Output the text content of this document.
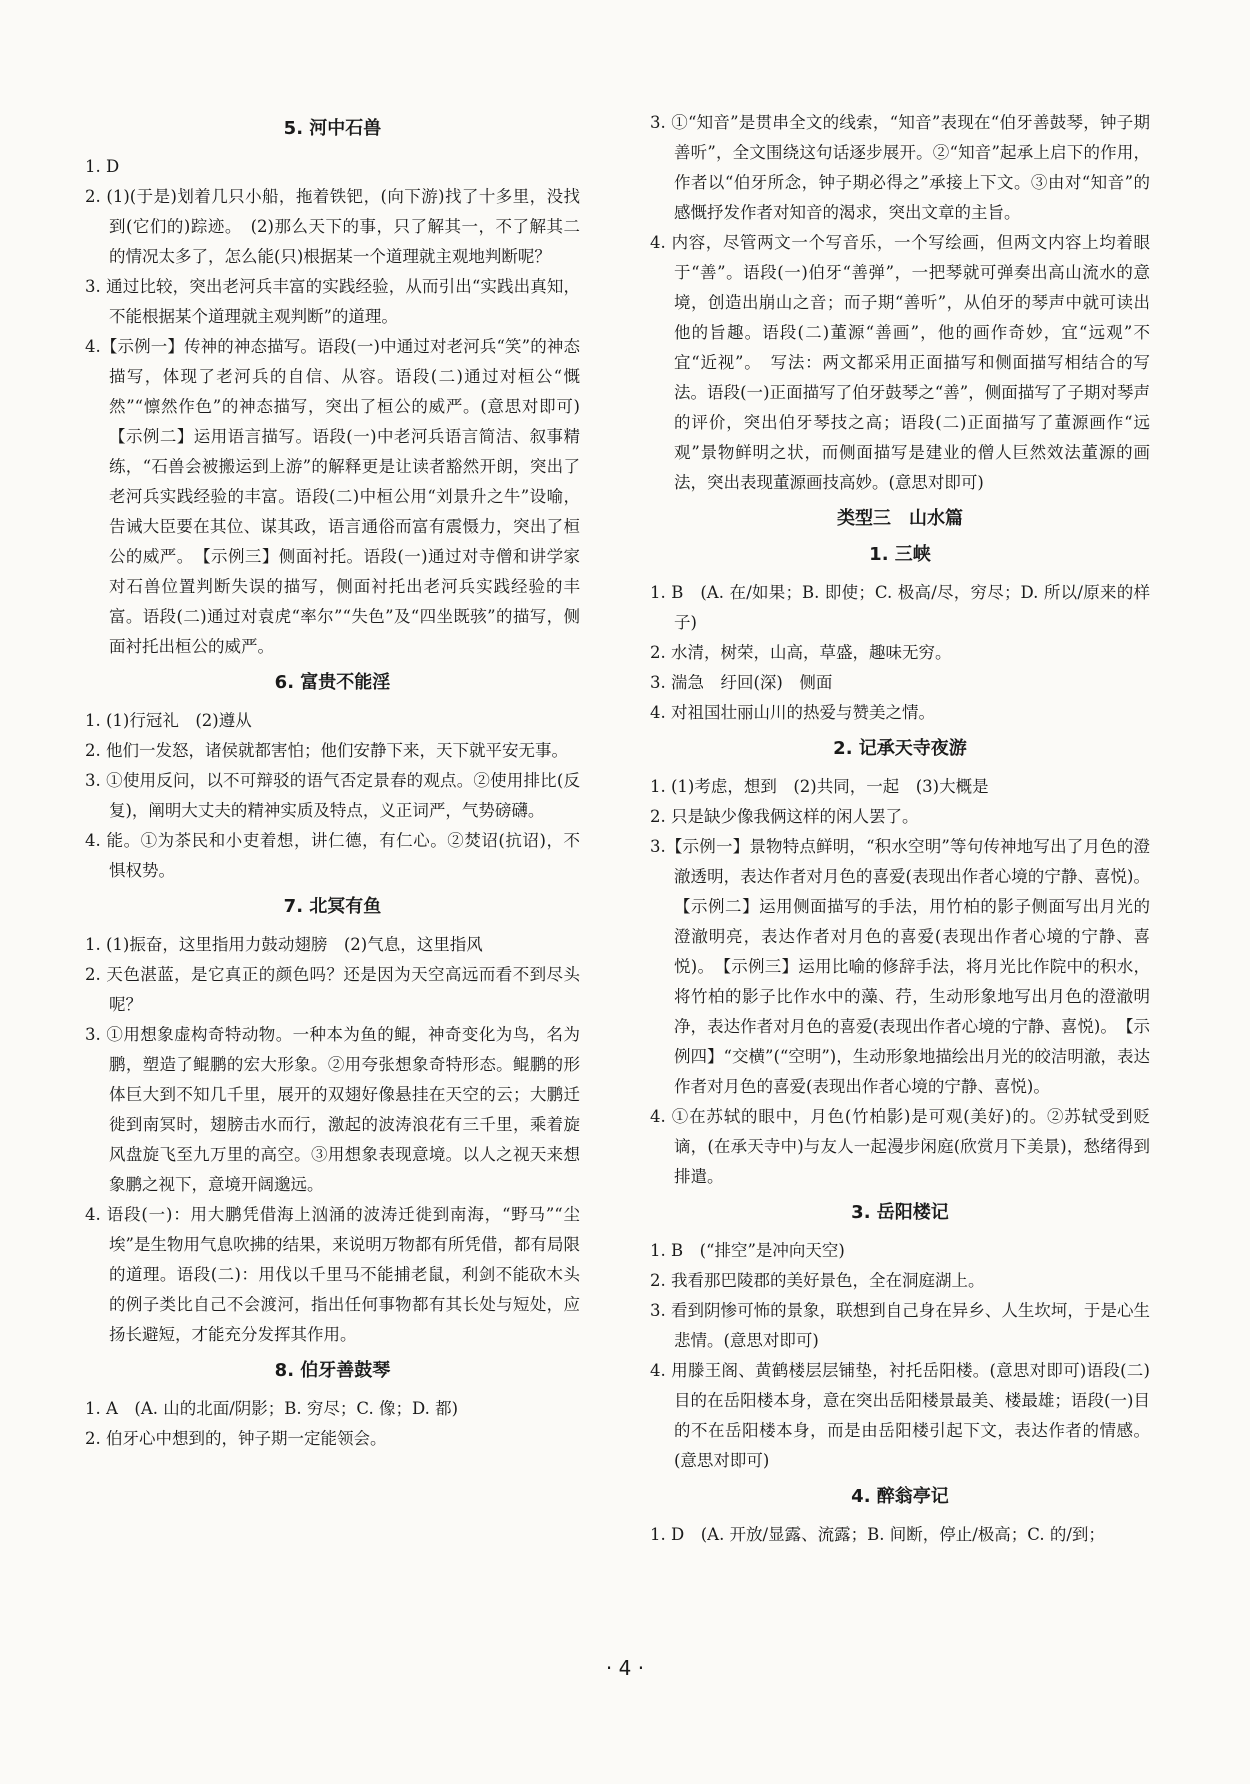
5. 河中石兽
1. D
2. (1)(于是)划着几只小船，拖着铁钯，(向下游)找了十多里，没找到(它们的)踪迹。　(2)那么天下的事，只了解其一，不了解其二的情况太多了，怎么能(只)根据某一个道理就主观地判断呢？
3. 通过比较，突出老河兵丰富的实践经验，从而引出“实践出真知，不能根据某个道理就主观判断”的道理。
4.【示例一】传神的神态描写。语段(一)中通过对老河兵“笑”的神态描写，体现了老河兵的自信、从容。语段(二)通过对桓公“慨然”“懔然作色”的神态描写，突出了桓公的威严。(意思对即可)　【示例二】运用语言描写。语段(一)中老河兵语言简洁、叙事精练，“石兽会被搬运到上游”的解释更是让读者豁然开朗，突出了老河兵实践经验的丰富。语段(二)中桓公用“刘景升之牛”设喻，告诫大臣要在其位、谋其政，语言通俗而富有震慑力，突出了桓公的威严。　【示例三】侧面衬托。语段(一)通过对寺僧和讲学家对石兽位置判断失误的描写，侧面衬托出老河兵实践经验的丰富。语段(二)通过对袁虎“率尔”“失色”及“四坐既骇”的描写，侧面衬托出桓公的威严。
6. 富贵不能淫
1. (1)行冠礼　(2)遵从
2. 他们一发怒，诸侯就都害怕；他们安静下来，天下就平安无事。
3. ①使用反问，以不可辩驳的语气否定景春的观点。②使用排比(反复)，阐明大丈夫的精神实质及特点，义正词严，气势磅礴。
4. 能。①为茶民和小吏着想，讲仁德，有仁心。②焚诏(抗诏)，不惧权势。
7. 北冥有鱼
1. (1)振奋，这里指用力鼓动翅膀　(2)气息，这里指风
2. 天色湛蓝，是它真正的颜色吗？还是因为天空高远而看不到尽头呢？
3. ①用想象虚构奇特动物。一种本为鱼的鲲，神奇变化为鸟，名为鹏，塑造了鲲鹏的宏大形象。②用夸张想象奇特形态。鲲鹏的形体巨大到不知几千里，展开的双翅好像悬挂在天空的云；大鹏迁徙到南冥时，翅膀击水而行，激起的波涛浪花有三千里，乘着旋风盘旋飞至九万里的高空。③用想象表现意境。以人之视天来想象鹏之视下，意境开阔邈远。
4. 语段(一)：用大鹏凭借海上汹涌的波涛迁徙到南海，“野马”“尘埃”是生物用气息吹拂的结果，来说明万物都有所凭借，都有局限的道理。语段(二)：用伐以千里马不能捕老鼠，利剑不能砍木头的例子类比自己不会渡河，指出任何事物都有其长处与短处，应扬长避短，才能充分发挥其作用。
8. 伯牙善鼓琴
1. A　(A. 山的北面/阴影；B. 穷尽；C. 像；D. 都)
2. 伯牙心中想到的，钟子期一定能领会。
3. ①“知音”是贯串全文的线索，“知音”表现在“伯牙善鼓琴，钟子期善听”，全文围绕这句话逐步展开。②“知音”起承上启下的作用，作者以“伯牙所念，钟子期必得之”承接上下文。③由对“知音”的感慨抒发作者对知音的渴求，突出文章的主旨。
4. 内容，尽管两文一个写音乐，一个写绘画，但两文内容上均着眼于“善”。语段(一)伯牙“善弹”，一把琴就可弹奏出高山流水的意境，创造出崩山之音；而子期“善听”，从伯牙的琴声中就可读出他的旨趣。语段(二)董源“善画”，他的画作奇妙，宜“远观”不宜“近视”。　写法：两文都采用正面描写和侧面描写相结合的写法。语段(一)正面描写了伯牙鼓琴之“善”，侧面描写了子期对琴声的评价，突出伯牙琴技之高；语段(二)正面描写了董源画作“远观”景物鲜明之状，而侧面描写是建业的僧人巨然效法董源的画法，突出表现董源画技高妙。(意思对即可)
类型三　山水篇
1. 三峡
1. B　(A. 在/如果；B. 即使；C. 极高/尽，穷尽；D. 所以/原来的样子)
2. 水清，树荣，山高，草盛，趣味无穷。
3. 湍急　纡回(深)　侧面
4. 对祖国壮丽山川的热爱与赞美之情。
2. 记承天寺夜游
1. (1)考虑，想到　(2)共同，一起　(3)大概是
2. 只是缺少像我俩这样的闲人罢了。
3.【示例一】景物特点鲜明，“积水空明”等句传神地写出了月色的澄澈透明，表达作者对月色的喜爱(表现出作者心境的宁静、喜悦)。【示例二】运用侧面描写的手法，用竹柏的影子侧面写出月光的澄澈明亮，表达作者对月色的喜爱(表现出作者心境的宁静、喜悦)。　【示例三】运用比喻的修辞手法，将月光比作院中的积水，将竹柏的影子比作水中的藻、荇，生动形象地写出月色的澄澈明净，表达作者对月色的喜爱(表现出作者心境的宁静、喜悦)。　【示例四】“交横”(“空明”)，生动形象地描绘出月光的皎洁明澈，表达作者对月色的喜爱(表现出作者心境的宁静、喜悦)。
4. ①在苏轼的眼中，月色(竹柏影)是可观(美好)的。②苏轼受到贬谪，(在承天寺中)与友人一起漫步闲庭(欣赏月下美景)，愁绪得到排遣。
3. 岳阳楼记
1. B　(“排空”是冲向天空)
2. 我看那巴陵郡的美好景色，全在洞庭湖上。
3. 看到阴惨可怖的景象，联想到自己身在异乡、人生坎坷，于是心生悲情。(意思对即可)
4. 用滕王阁、黄鹤楼层层铺垫，衬托岳阳楼。(意思对即可)语段(二)目的在岳阳楼本身，意在突出岳阳楼景最美、楼最雄；语段(一)目的不在岳阳楼本身，而是由岳阳楼引起下文，表达作者的情感。(意思对即可)
4. 醉翁亭记
1. D　(A. 开放/显露、流露；B. 间断，停止/极高；C. 的/到；
· 4 ·
